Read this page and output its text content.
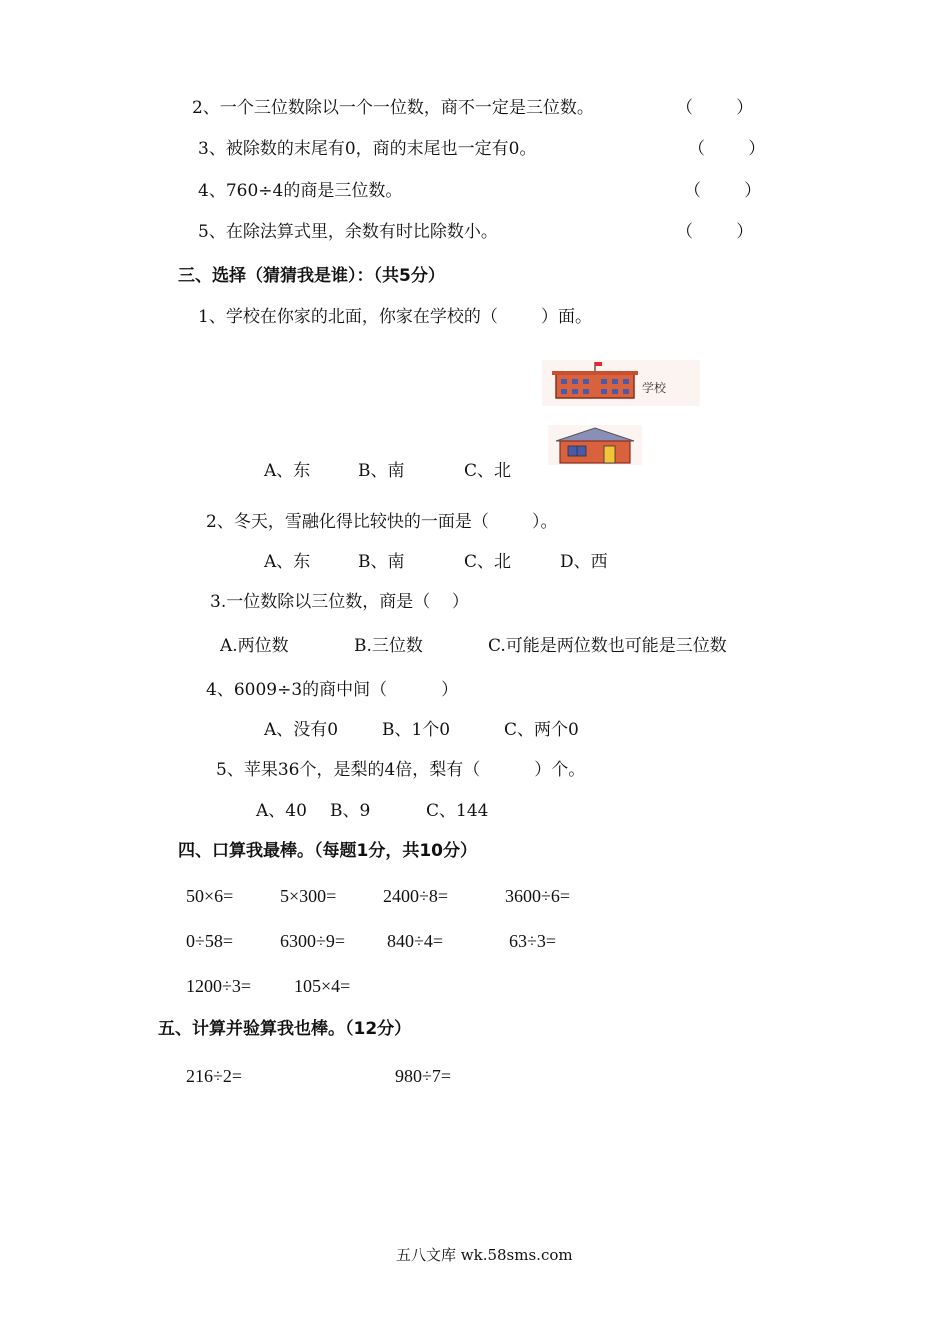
2、一个三位数除以一个一位数，商不一定是三位数。	（        ）
3、被除数的末尾有0，商的末尾也一定有0。	（        ）
4、760÷4的商是三位数。	（        ）
5、在除法算式里，余数有时比除数小。	（        ）
三、选择（猜猜我是谁）：（共5分）
1、学校在你家的北面，你家在学校的（        ）面。
学校
A、东	B、南	C、北
2、冬天，雪融化得比较快的一面是（        ）。
A、东	B、南	C、北	D、西
3.一位数除以三位数，商是（    ）
A.两位数	B.三位数	C.可能是两位数也可能是三位数
4、6009÷3的商中间（          ）
A、没有0	B、1个0	C、两个0
5、苹果36个，是梨的4倍，梨有（          ）个。
A、40 B、9	C、144
四、口算我最棒。（每题1分，共10分）
50×6=	5×300=	2400÷8=	3600÷6=
0÷58=	6300÷9= 840÷4=	63÷3=
1200÷3= 105×4=
五、计算并验算我也棒。（12分）
216÷2=	980÷7=
五八文库 wk.58sms.com
